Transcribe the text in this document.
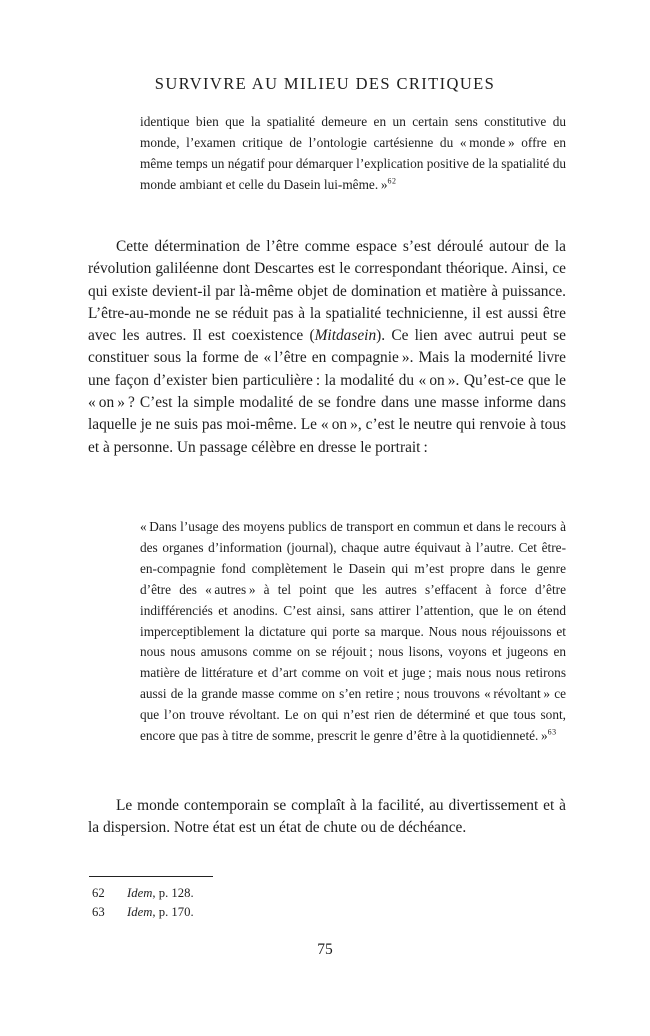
SURVIVRE AU MILIEU DES CRITIQUES
identique bien que la spatialité demeure en un certain sens constitutive du monde, l’examen critique de l’ontologie cartésienne du « monde » offre en même temps un négatif pour démarquer l’explication positive de la spatialité du monde ambiant et celle du Dasein lui-même. »$^{62}$

Cette détermination de l’être comme espace s’est déroulé autour de la révolution galiléenne dont Descartes est le correspondant théorique. Ainsi, ce qui existe devient-il par là-même objet de domination et matière à puissance. L’être-au-monde ne se réduit pas à la spatialité technicienne, il est aussi être avec les autres. Il est coexistence (Mitdasein). Ce lien avec autrui peut se constituer sous la forme de « l’être en compagnie ». Mais la modernité livre une façon d’exister bien particulière : la modalité du « on ». Qu’est-ce que le « on » ? C’est la simple modalité de se fondre dans une masse informe dans laquelle je ne suis pas moi-même. Le « on », c’est le neutre qui renvoie à tous et à personne. Un passage célèbre en dresse le portrait :

« Dans l’usage des moyens publics de transport en commun et dans le recours à des organes d’information (journal), chaque autre équivaut à l’autre. Cet être-en-compagnie fond complètement le Dasein qui m’est propre dans le genre d’être des « autres » à tel point que les autres s’effacent à force d’être indifférenciés et anodins. C’est ainsi, sans attirer l’attention, que le on étend imperceptiblement la dictature qui porte sa marque. Nous nous réjouissons et nous nous amusons comme on se réjouit ; nous lisons, voyons et jugeons en matière de littérature et d’art comme on voit et juge ; mais nous nous retirons aussi de la grande masse comme on s’en retire ; nous trouvons « révoltant » ce que l’on trouve révoltant. Le on qui n’est rien de déterminé et que tous sont, encore que pas à titre de somme, prescrit le genre d’être à la quotidienneté. »$^{63}$

Le monde contemporain se complaît à la facilité, au divertissement et à la dispersion. Notre état est un état de chute ou de déchéance.

62 Idem, p. 128.
63 Idem, p. 170.
75
